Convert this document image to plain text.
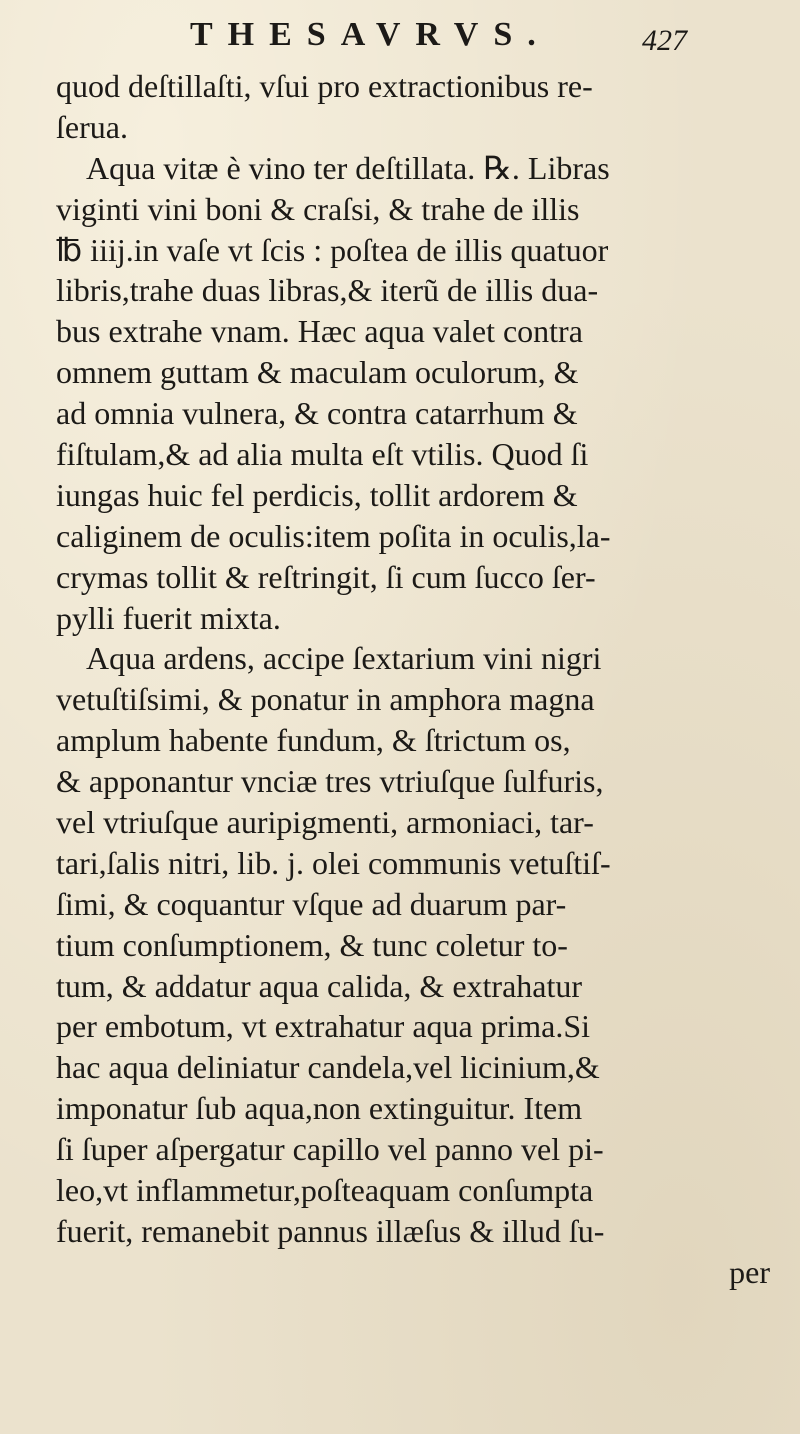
THESAVRVS.	427
quod deſtillaſti, vſui pro extractionibus re-
ſerua.
Aqua vitæ è vino ter deſtillata. ℞. Libras
viginti vini boni & craſsi, & trahe de illis
℔ iiij.in vaſe vt ſcis : poſtea de illis quatuor
libris,trahe duas libras,& iterũ de illis dua-
bus extrahe vnam. Hæc aqua valet contra
omnem guttam & maculam oculorum, &
ad omnia vulnera, & contra catarrhum &
fiſtulam,& ad alia multa eſt vtilis. Quod ſi
iungas huic fel perdicis, tollit ardorem &
caliginem de oculis:item poſita in oculis,la-
crymas tollit & reſtringit, ſi cum ſucco ſer-
pylli fuerit mixta.
Aqua ardens, accipe ſextarium vini nigri
vetuſtiſsimi, & ponatur in amphora magna
amplum habente fundum, & ſtrictum os,
& apponantur vnciæ tres vtriuſque ſulfuris,
vel vtriuſque auripigmenti, armoniaci, tar-
tari,ſalis nitri, lib. j. olei communis vetuſtiſ-
ſimi, & coquantur vſque ad duarum par-
tium conſumptionem, & tunc coletur to-
tum, & addatur aqua calida, & extrahatur
per embotum, vt extrahatur aqua prima.Si
hac aqua deliniatur candela,vel licinium,&
imponatur ſub aqua,non extinguitur. Item
ſi ſuper aſpergatur capillo vel panno vel pi-
leo,vt inflammetur,poſteaquam conſumpta
fuerit, remanebit pannus illæſus & illud ſu-
per
